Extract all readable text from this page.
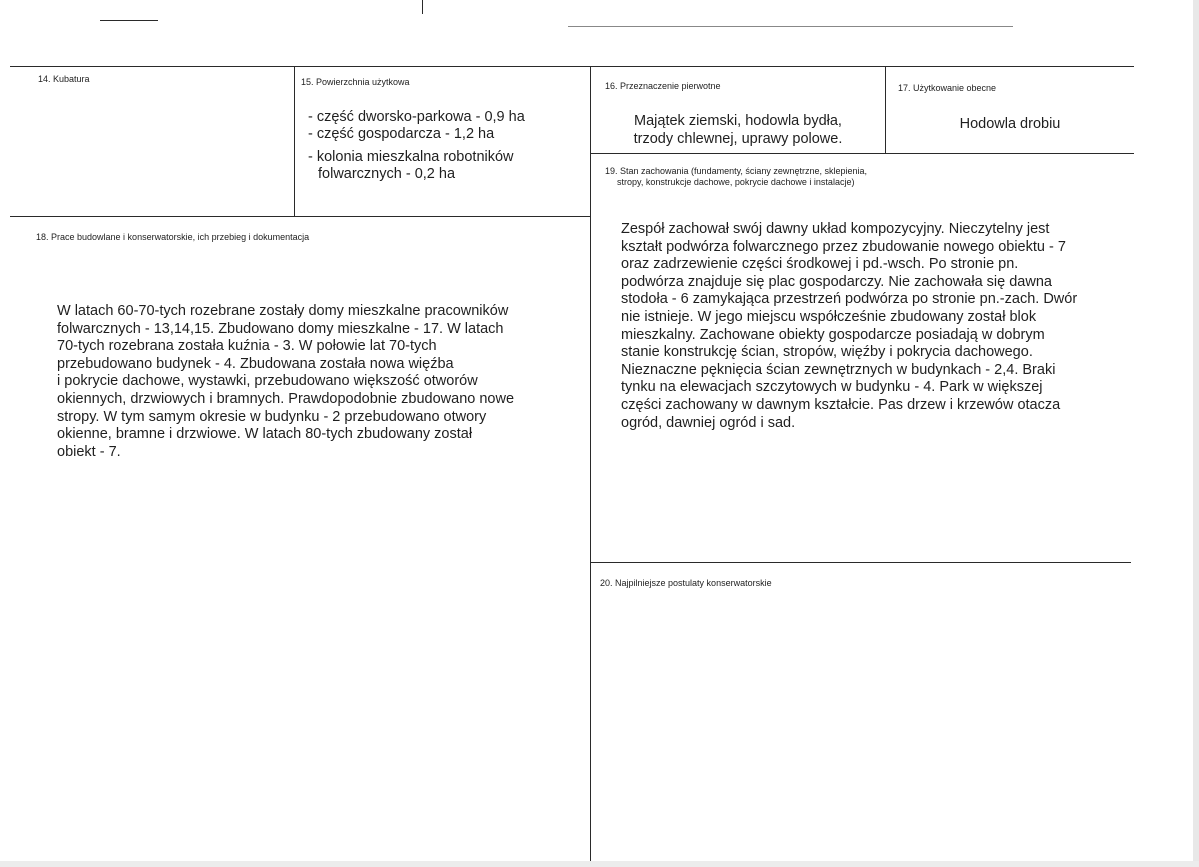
14. Kubatura	15. Powierzchnia użytkowa
- część dworsko-parkowa - 0,9 ha
- część gospodarcza - 1,2 ha
- kolonia mieszkalna robotników
folwarcznych - 0,2 ha
16. Przeznaczenie pierwotne
Majątek ziemski, hodowla bydła,
trzody chlewnej, uprawy polowe.
17. Użytkowanie obecne
Hodowla drobiu
19. Stan zachowania (fundamenty, ściany zewnętrzne, sklepienia,
stropy, konstrukcje dachowe, pokrycie dachowe i instalacje)
Zespół zachował swój dawny układ kompozycyjny. Nieczytelny jest
kształt podwórza folwarcznego przez zbudowanie nowego obiektu - 7
oraz zadrzewienie części środkowej i pd.-wsch. Po stronie pn.
podwórza znajduje się plac gospodarczy. Nie zachowała się dawna
stodoła - 6 zamykająca przestrzeń podwórza po stronie pn.-zach. Dwór
nie istnieje. W jego miejscu współcześnie zbudowany został blok
mieszkalny. Zachowane obiekty gospodarcze posiadają w dobrym
stanie konstrukcję ścian, stropów, więźby i pokrycia dachowego.
Nieznaczne pęknięcia ścian zewnętrznych w budynkach - 2,4. Braki
tynku na elewacjach szczytowych w budynku - 4. Park w większej
części zachowany w dawnym kształcie. Pas drzew i krzewów otacza
ogród, dawniej ogród i sad.
18. Prace budowlane i konserwatorskie, ich przebieg i dokumentacja
W latach 60-70-tych rozebrane zostały domy mieszkalne pracowników
folwarcznych - 13,14,15. Zbudowano domy mieszkalne - 17. W latach
70-tych rozebrana została kuźnia - 3. W połowie lat 70-tych
przebudowano budynek - 4. Zbudowana została nowa więźba
i pokrycie dachowe, wystawki, przebudowano większość otworów
okiennych, drzwiowych i bramnych. Prawdopodobnie zbudowano nowe
stropy. W tym samym okresie w budynku - 2 przebudowano otwory
okienne, bramne i drzwiowe. W latach 80-tych zbudowany został
obiekt - 7.
20. Najpilniejsze postulaty konserwatorskie
